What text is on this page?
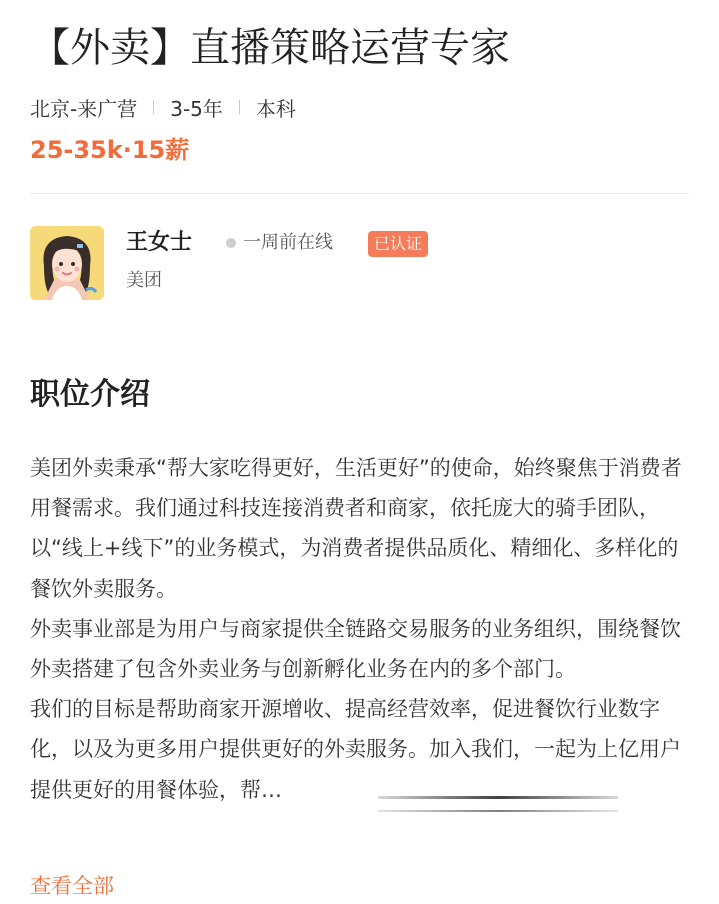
【外卖】直播策略运营专家
北京-来广营 3-5年 本科
25-35k·15薪
王女士	一周前在线	已认证
美团
职位介绍

美团外卖秉承“帮大家吃得更好，生活更好”的使命，始终聚焦于消费者用餐需求。我们通过科技连接消费者和商家，依托庞大的骑手团队，以“线上+线下”的业务模式，为消费者提供品质化、精细化、多样化的餐饮外卖服务。

外卖事业部是为用户与商家提供全链路交易服务的业务组织，围绕餐饮外卖搭建了包含外卖业务与创新孵化业务在内的多个部门。

我们的目标是帮助商家开源增收、提高经营效率，促进餐饮行业数字化，以及为更多用户提供更好的外卖服务。加入我们，一起为上亿用户提供更好的用餐体验，帮…

查看全部
